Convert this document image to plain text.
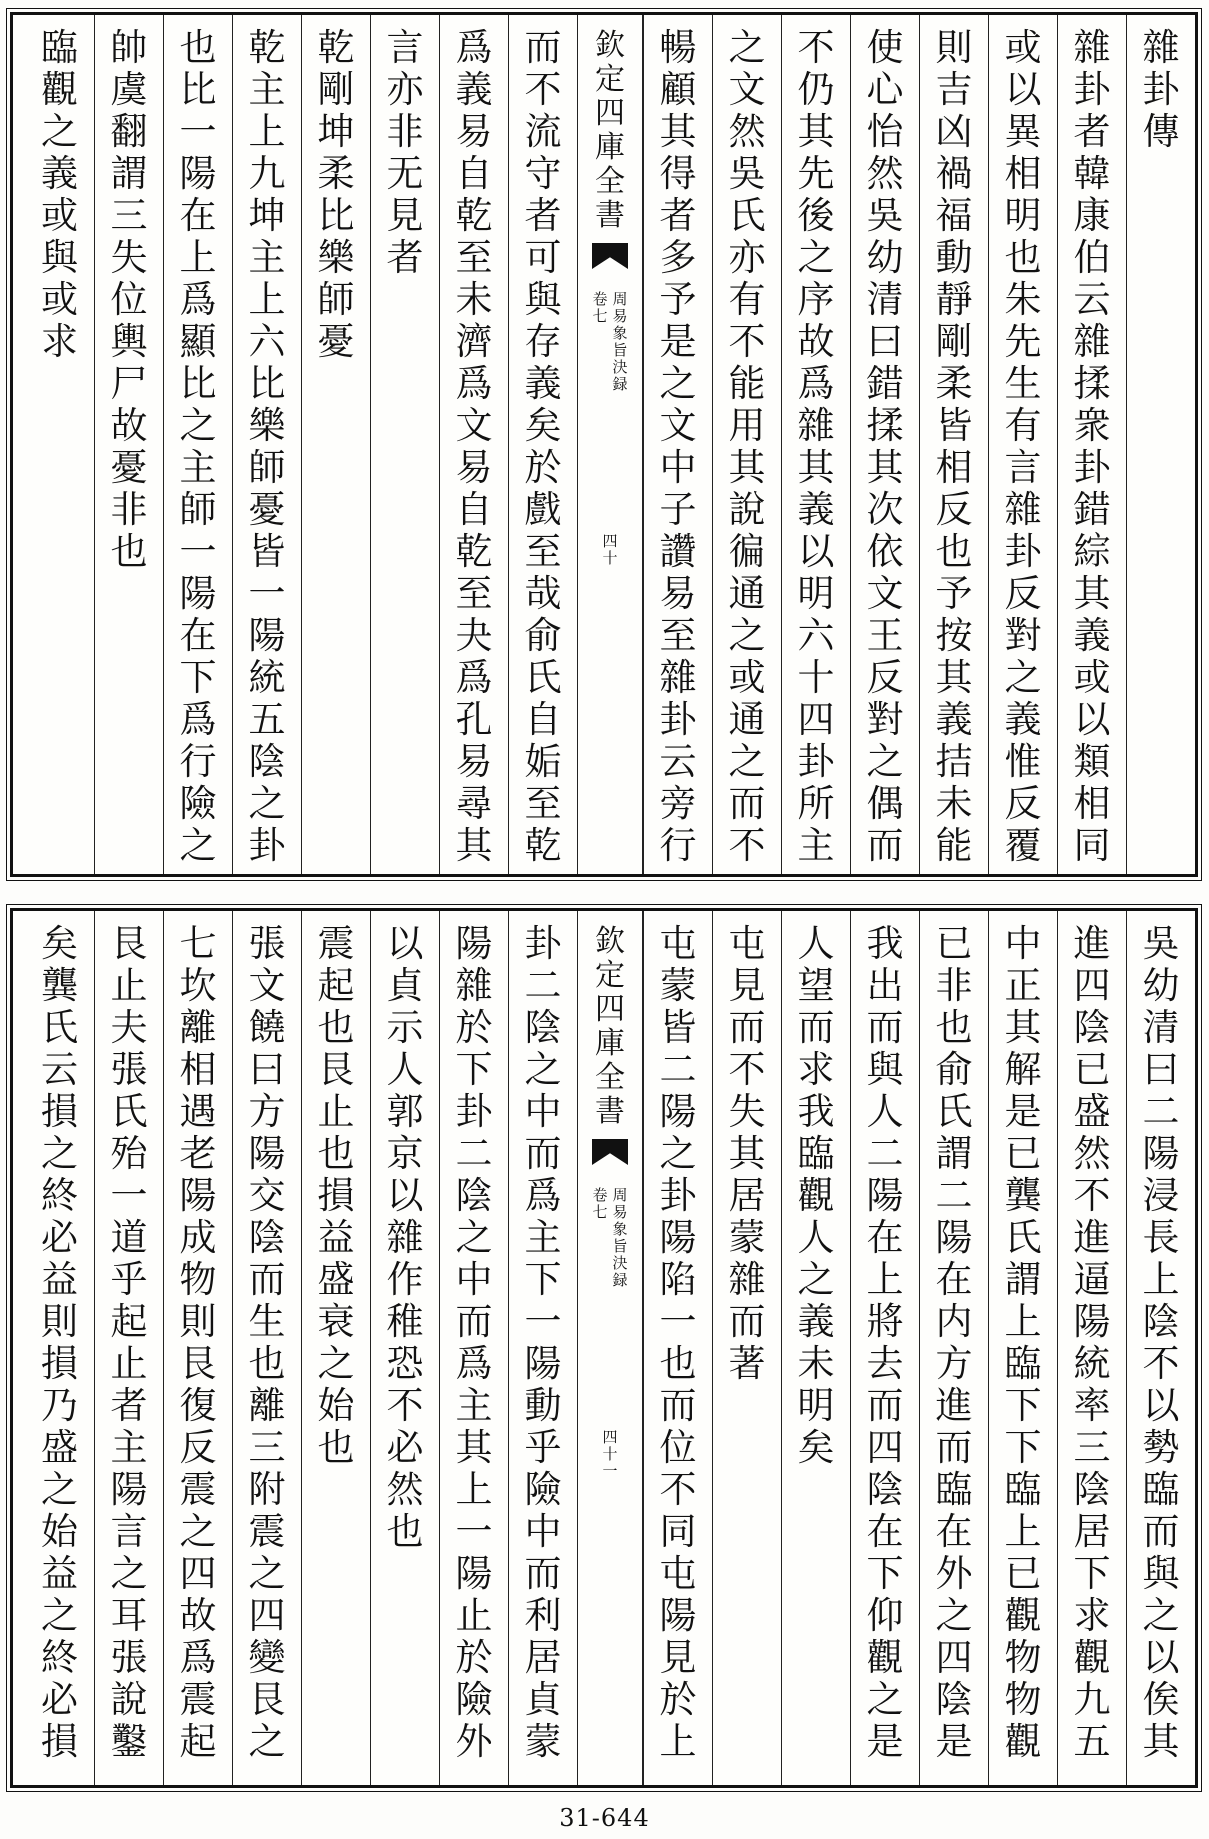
雜
卦
傳
雜
卦
者
韓
康
伯
云
雜
揉
衆
卦
錯
綜
其
義
或
以
類
相
同
或
以
異
相
明
也
朱
先
生
有
言
雜
卦
反
對
之
義
惟
反
覆
則
吉
凶
禍
福
動
靜
剛
柔
皆
相
反
也
予
按
其
義
拮
未
能
使
心
怡
然
吳
幼
清
曰
錯
揉
其
次
依
文
王
反
對
之
偶
而
不
仍
其
先
後
之
序
故
爲
雜
其
義
以
明
六
十
四
卦
所
主
之
文
然
吳
氏
亦
有
不
能
用
其
說
徧
通
之
或
通
之
而
不
暢
顧
其
得
者
多
予
是
之
文
中
子
讚
易
至
雜
卦
云
旁
行
欽
定
四
庫
全
書
周
易
象
旨
決
録
卷
七
四
十
而
不
流
守
者
可
與
存
義
矣
於
戲
至
哉
俞
氏
自
姤
至
乾
爲
義
易
自
乾
至
未
濟
爲
文
易
自
乾
至
夬
爲
孔
易
尋
其
言
亦
非
无
見
者
乾
剛
坤
柔
比
樂
師
憂
乾
主
上
九
坤
主
上
六
比
樂
師
憂
皆
一
陽
統
五
陰
之
卦
也
比
一
陽
在
上
爲
顯
比
之
主
師
一
陽
在
下
爲
行
險
之
帥
虞
翻
謂
三
失
位
輿
尸
故
憂
非
也
臨
觀
之
義
或
與
或
求
吳
幼
清
曰
二
陽
浸
長
上
陰
不
以
勢
臨
而
與
之
以
俟
其
進
四
陰
已
盛
然
不
進
逼
陽
統
率
三
陰
居
下
求
觀
九
五
中
正
其
解
是
已
龔
氏
謂
上
臨
下
下
臨
上
已
觀
物
物
觀
已
非
也
俞
氏
謂
二
陽
在
内
方
進
而
臨
在
外
之
四
陰
是
我
出
而
與
人
二
陽
在
上
將
去
而
四
陰
在
下
仰
觀
之
是
人
望
而
求
我
臨
觀
人
之
義
未
明
矣
屯
見
而
不
失
其
居
蒙
雜
而
著
屯
蒙
皆
二
陽
之
卦
陽
陷
一
也
而
位
不
同
屯
陽
見
於
上
欽
定
四
庫
全
書
周
易
象
旨
決
録
卷
七
四
十
一
卦
二
陰
之
中
而
爲
主
下
一
陽
動
乎
險
中
而
利
居
貞
蒙
陽
雜
於
下
卦
二
陰
之
中
而
爲
主
其
上
一
陽
止
於
險
外
以
貞
示
人
郭
京
以
雜
作
稚
恐
不
必
然
也
震
起
也
艮
止
也
損
益
盛
衰
之
始
也
張
文
饒
曰
方
陽
交
陰
而
生
也
離
三
附
震
之
四
變
艮
之
七
坎
離
相
遇
老
陽
成
物
則
艮
復
反
震
之
四
故
爲
震
起
艮
止
夫
張
氏
殆
一
道
乎
起
止
者
主
陽
言
之
耳
張
說
鑿
矣
龔
氏
云
損
之
終
必
益
則
損
乃
盛
之
始
益
之
終
必
損
31-644
